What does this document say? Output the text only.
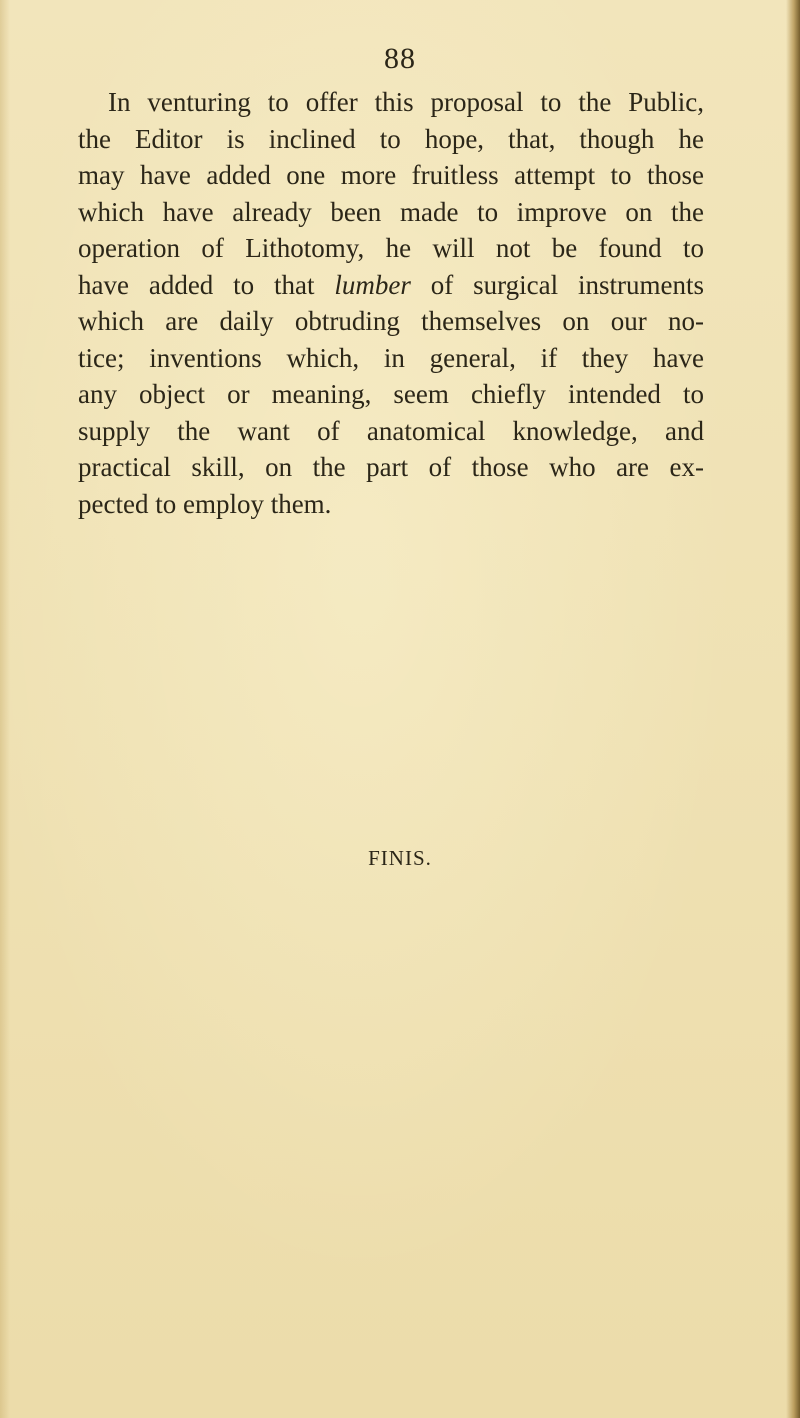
88
In venturing to offer this proposal to the Public,
the Editor is inclined to hope, that, though he
may have added one more fruitless attempt to those
which have already been made to improve on the
operation of Lithotomy, he will not be found to
have added to that lumber of surgical instruments
which are daily obtruding themselves on our no-
tice; inventions which, in general, if they have
any object or meaning, seem chiefly intended to
supply the want of anatomical knowledge, and
practical skill, on the part of those who are ex-
pected to employ them.
FINIS.
